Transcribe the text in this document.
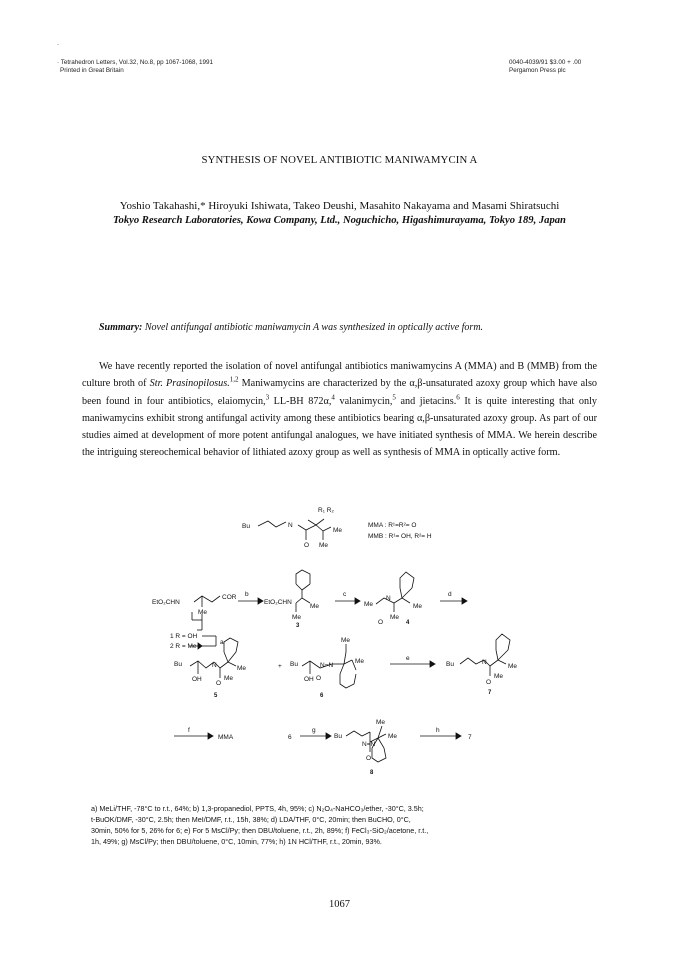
˙
· Tetrahedron Letters, Vol.32, No.8, pp 1067-1068, 1991
Printed in Great Britain
0040-4039/91 $3.00 + .00
Pergamon Press plc
SYNTHESIS OF NOVEL ANTIBIOTIC MANIWAMYCIN A
Yoshio Takahashi,* Hiroyuki Ishiwata, Takeo Deushi, Masahito Nakayama and Masami Shiratsuchi
Tokyo Research Laboratories, Kowa Company, Ltd., Noguchicho, Higashimurayama, Tokyo 189, Japan
Summary: Novel antifungal antibiotic maniwamycin A was synthesized in optically active form.
We have recently reported the isolation of novel antifungal antibiotics maniwamycins A (MMA) and B (MMB) from the culture broth of Str. Prasinopilosus.$^{1,2}$ Maniwamycins are characterized by the α,β-unsaturated azoxy group which have also been found in four antibiotics, elaiomycin,$^3$ LL-BH 872α,$^4$ valanimycin,$^5$ and jietacins.$^6$ It is quite interesting that only maniwamycins exhibit strong antifungal activity among these antibiotics bearing α,β-unsaturated azoxy group. As part of our studies aimed at development of more potent antifungal analogues, we have initiated synthesis of MMA. We herein describe the intriguing stereochemical behavior of lithiated azoxy group as well as synthesis of MMA in optically active form.
R₁ R₂
Bu	N
O
Me
Me
MMA : R¹=R²= O
MMB : R¹= OH, R²= H
EtO₂CHN
COR
Me
b
EtO₂CHN
Me
Me
3
c
Me
N
Me
Me
O	4
d
1 R = OH
2 R = Me
a
Bu	N
OH
O
Me
Me
5
+ Bu	N=N
OH O
Me
Me
6
e
Bu	N
O
Me
Me
7
f
MMA	6
g
Bu
N=N
O
Me
Me
8
h
7
a) MeLi/THF, -78°C to r.t., 64%; b) 1,3-propanediol, PPTS, 4h, 95%; c) N₂O₄-NaHCO₃/ether, -30°C, 3.5h;
t-BuOK/DMF, -30°C, 2.5h; then MeI/DMF, r.t., 15h, 38%; d) LDA/THF, 0°C, 20min; then BuCHO, 0°C,
30min, 50% for 5, 26% for 6; e) For 5 MsCl/Py; then DBU/toluene, r.t., 2h, 89%; f) FeCl₃-SiO₂/acetone, r.t.,
1h, 49%; g) MsCl/Py; then DBU/toluene, 0°C, 10min, 77%; h) 1N HCl/THF, r.t., 20min, 93%.
1067
